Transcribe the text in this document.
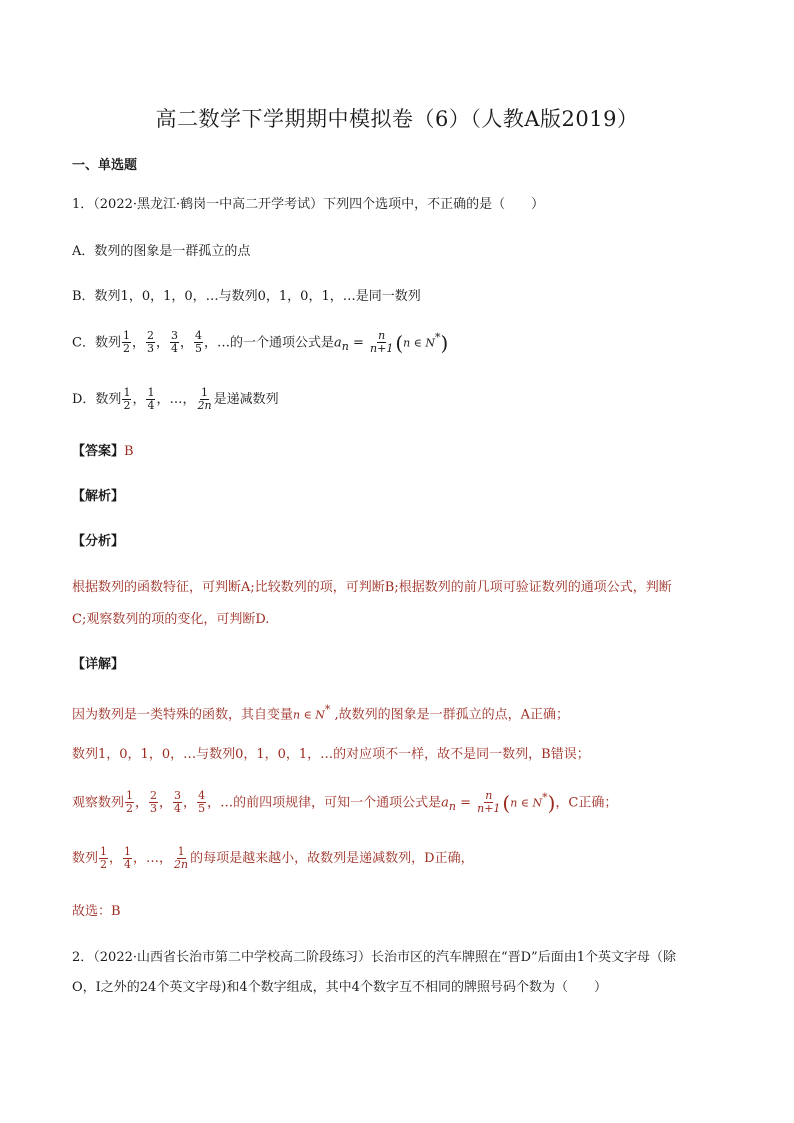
高二数学下学期期中模拟卷（6）（人教A版2019）
一、单选题
1．（2022·黑龙江·鹤岗一中高二开学考试）下列四个选项中，不正确的是（　　）
A．数列的图象是一群孤立的点
B．数列1，0，1，0，…与数列0，1，0，1，…是同一数列
C．数列 $\frac{1}{2}$ ， $\frac{2}{3}$ ， $\frac{3}{4}$ ， $\frac{4}{5}$ ，…的一个通项公式是$a_n = \frac{n}{n+1} (n$ ∈ N*)
D．数列 $\frac{1}{2}$ ， $\frac{1}{4}$ ，…， $\frac{1}{2n}$ 是递减数列
【答案】B
【解析】
【分析】
根据数列的函数特征，可判断A;比较数列的项，可判断B;根据数列的前几项可验证数列的通项公式，判断
C;观察数列的项的变化，可判断D.
【详解】
因为数列是一类特殊的函数，其自变量n ∈ N* ,故数列的图象是一群孤立的点，A正确；
数列1，0，1，0，…与数列0，1，0，1，…的对应项不一样，故不是同一数列，B错误；
观察数列 $\frac{1}{2}$ ， $\frac{2}{3}$ ， $\frac{3}{4}$ ， $\frac{4}{5}$ ，…的前四项规律，可知一个通项公式是$a_n = \frac{n}{n+1} (n$ ∈ N*)，C正确；
数列 $\frac{1}{2}$ ， $\frac{1}{4}$ ，…， $\frac{1}{2n}$ 的每项是越来越小，故数列是递减数列，D正确，
故选：B
2．（2022·山西省长治市第二中学校高二阶段练习）长治市区的汽车牌照在“晋D”后面由1个英文字母（除
O，I之外的24个英文字母)和4个数字组成，其中4个数字互不相同的牌照号码个数为（　　）
